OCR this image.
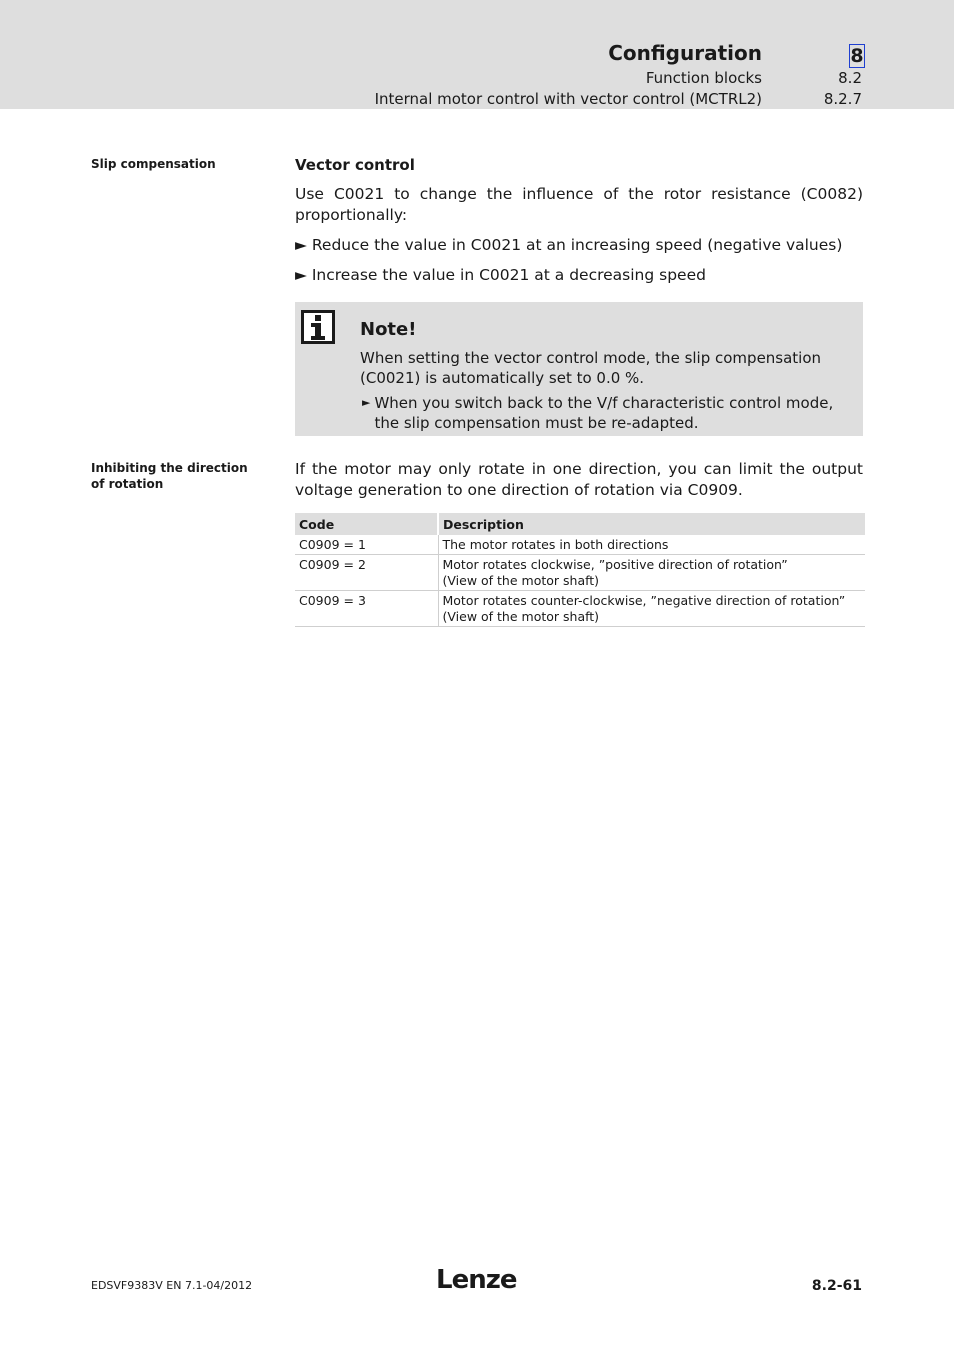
Configuration	8
Function blocks	8.2
Internal motor control with vector control (MCTRL2)	8.2.7
Slip compensation	Vector control
Use C0021 to change the influence of the rotor resistance (C0082) proportionally:
► Reduce the value in C0021 at an increasing speed (negative values)
► Increase the value in C0021 at a decreasing speed
Note!
When setting the vector control mode, the slip compensation (C0021) is automatically set to 0.0 %.
► When you switch back to the V/f characteristic control mode, the slip compensation must be re-adapted.
Inhibiting the direction of rotation
If the motor may only rotate in one direction, you can limit the output voltage generation to one direction of rotation via C0909.
Code	Description
C0909 = 1	The motor rotates in both directions

C0909 = 2	Motor rotates clockwise, ”positive direction of rotation”
(View of the motor shaft)

C0909 = 3	Motor rotates counter-clockwise, ”negative direction of rotation”
(View of the motor shaft)
EDSVF9383V EN 7.1-04/2012	Lenze	8.2-61
